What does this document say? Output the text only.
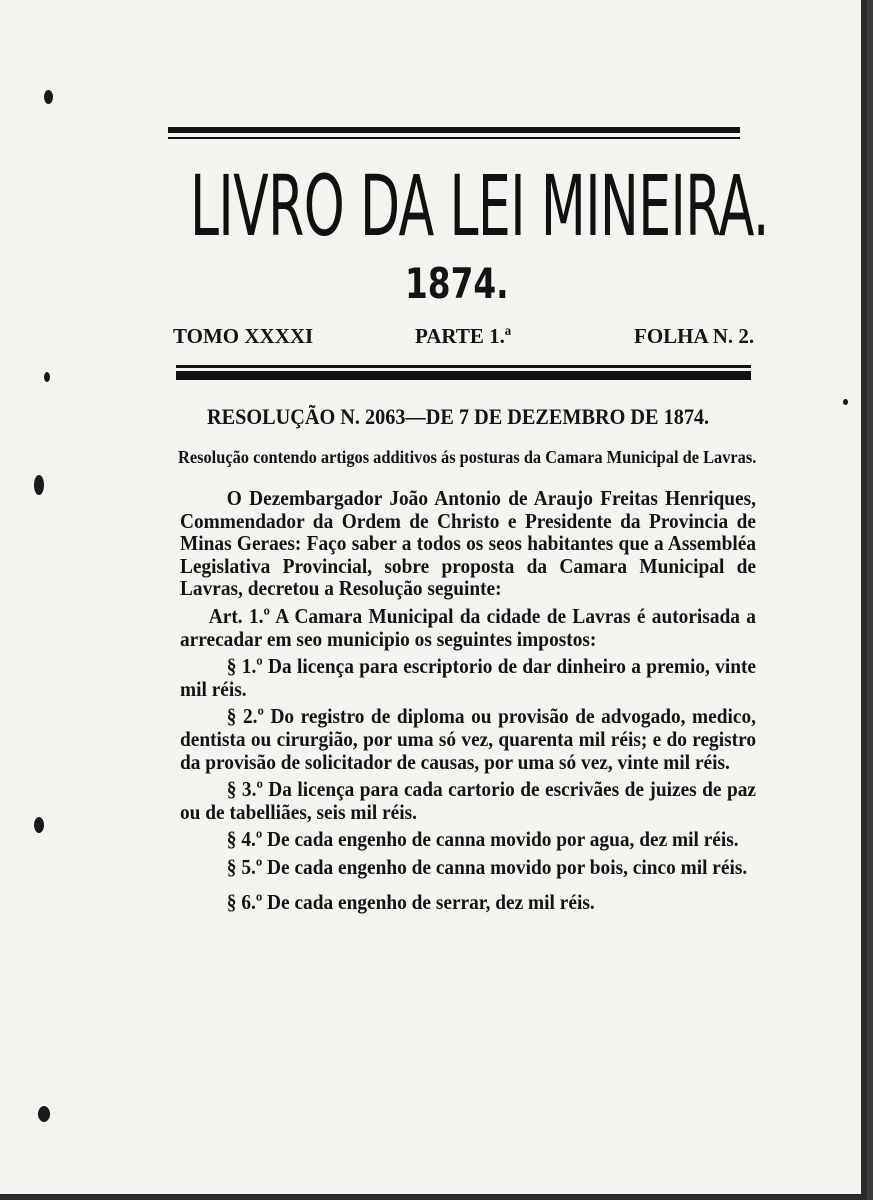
LIVRO DA LEI MINEIRA.
1874.
TOMO XXXXI	PARTE 1.ª	FOLHA N. 2.
RESOLUÇÃO N. 2063—DE 7 DE DEZEMBRO DE 1874.
Resolução contendo artigos additivos ás posturas da Camara Municipal de Lavras.

O Dezembargador João Antonio de Araujo Freitas Henriques, Commendador da Ordem de Christo e Presidente da Provincia de Minas Geraes: Faço saber a todos os seos habitantes que a Assembléa Legislativa Provincial, sobre proposta da Camara Municipal de Lavras, decretou a Resolução seguinte:

Art. 1.º A Camara Municipal da cidade de Lavras é autorisada a arrecadar em seo municipio os seguintes impostos:

§ 1.º Da licença para escriptorio de dar dinheiro a premio, vinte mil réis.

§ 2.º Do registro de diploma ou provisão de advogado, medico, dentista ou cirurgião, por uma só vez, quarenta mil réis; e do registro da provisão de solicitador de causas, por uma só vez, vinte mil réis.

§ 3.º Da licença para cada cartorio de escrivães de juizes de paz ou de tabelliães, seis mil réis.

§ 4.º De cada engenho de canna movido por agua, dez mil réis.

§ 5.º De cada engenho de canna movido por bois, cinco mil réis.

§ 6.º De cada engenho de serrar, dez mil réis.
